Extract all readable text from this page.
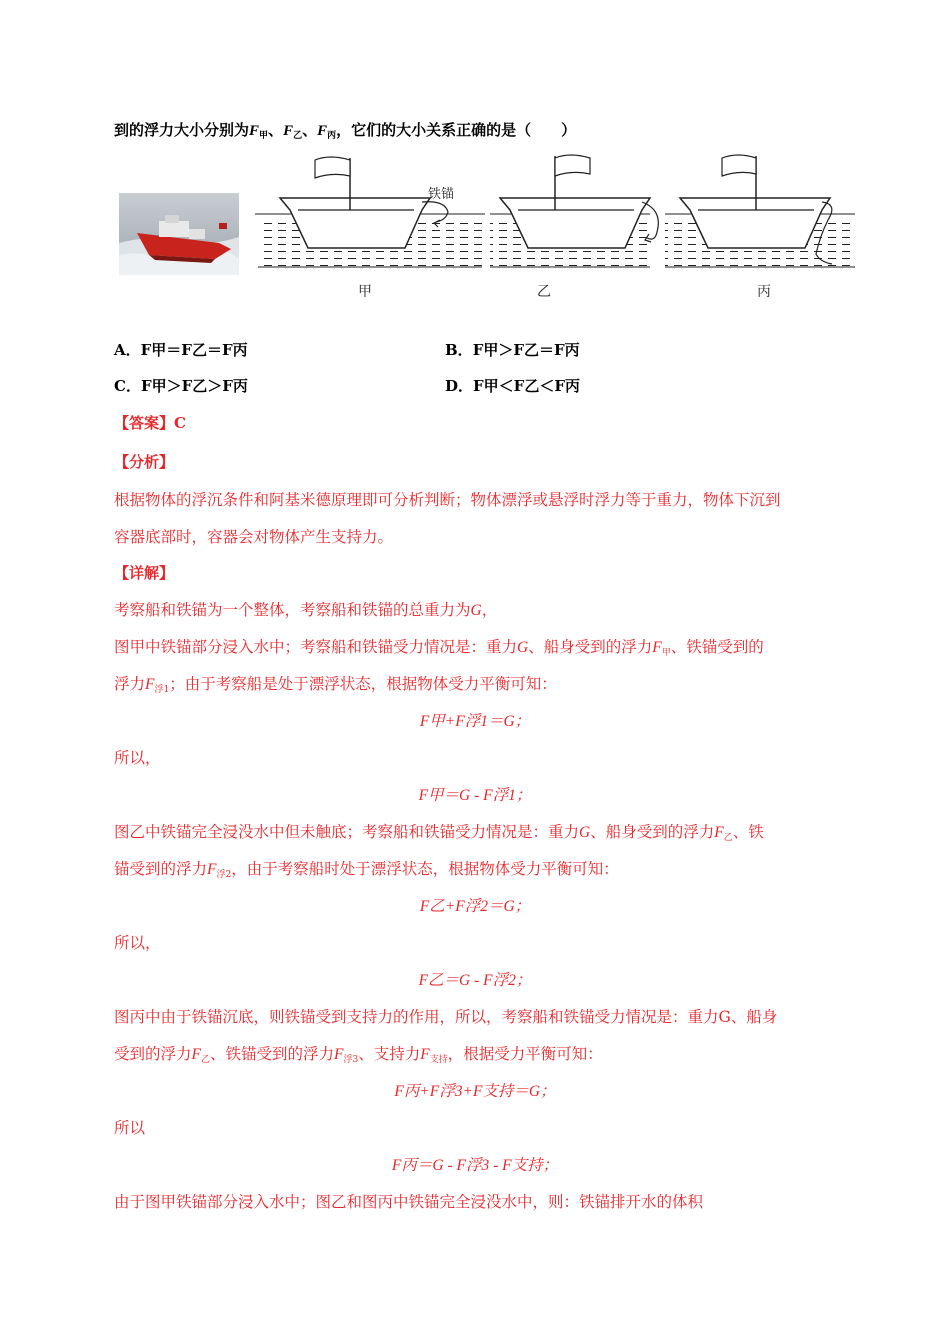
到的浮力大小分别为$F_甲$、$F_乙$、$F_丙$，它们的大小关系正确的是（　　）
铁锚
甲	乙	丙
A．F甲＝F乙＝F丙	B．F甲＞F乙＝F丙
C．F甲＞F乙＞F丙	D．F甲＜F乙＜F丙
【答案】C
【分析】
根据物体的浮沉条件和阿基米德原理即可分析判断；物体漂浮或悬浮时浮力等于重力，物体下沉到
容器底部时，容器会对物体产生支持力。
【详解】
考察船和铁锚为一个整体，考察船和铁锚的总重力为G，
图甲中铁锚部分浸入水中；考察船和铁锚受力情况是：重力G、船身受到的浮力$F_甲$、铁锚受到的
浮力$F_{浮1}$；由于考察船是处于漂浮状态，根据物体受力平衡可知：
F甲+F浮1＝G；
所以，
F甲＝G - F浮1；
图乙中铁锚完全浸没水中但未触底；考察船和铁锚受力情况是：重力G、船身受到的浮力$F_乙$、铁
锚受到的浮力$F_{浮2}$，由于考察船时处于漂浮状态，根据物体受力平衡可知：
F乙+F浮2＝G；
所以，
F乙＝G - F浮2；
图丙中由于铁锚沉底，则铁锚受到支持力的作用，所以，考察船和铁锚受力情况是：重力G、船身
受到的浮力$F_乙$、铁锚受到的浮力$F_{浮3}$、支持力$F_{支持}$，根据受力平衡可知：
F丙+F浮3+F支持＝G；
所以
F丙＝G - F浮3 - F支持；
由于图甲铁锚部分浸入水中；图乙和图丙中铁锚完全浸没水中，则：铁锚排开水的体积
